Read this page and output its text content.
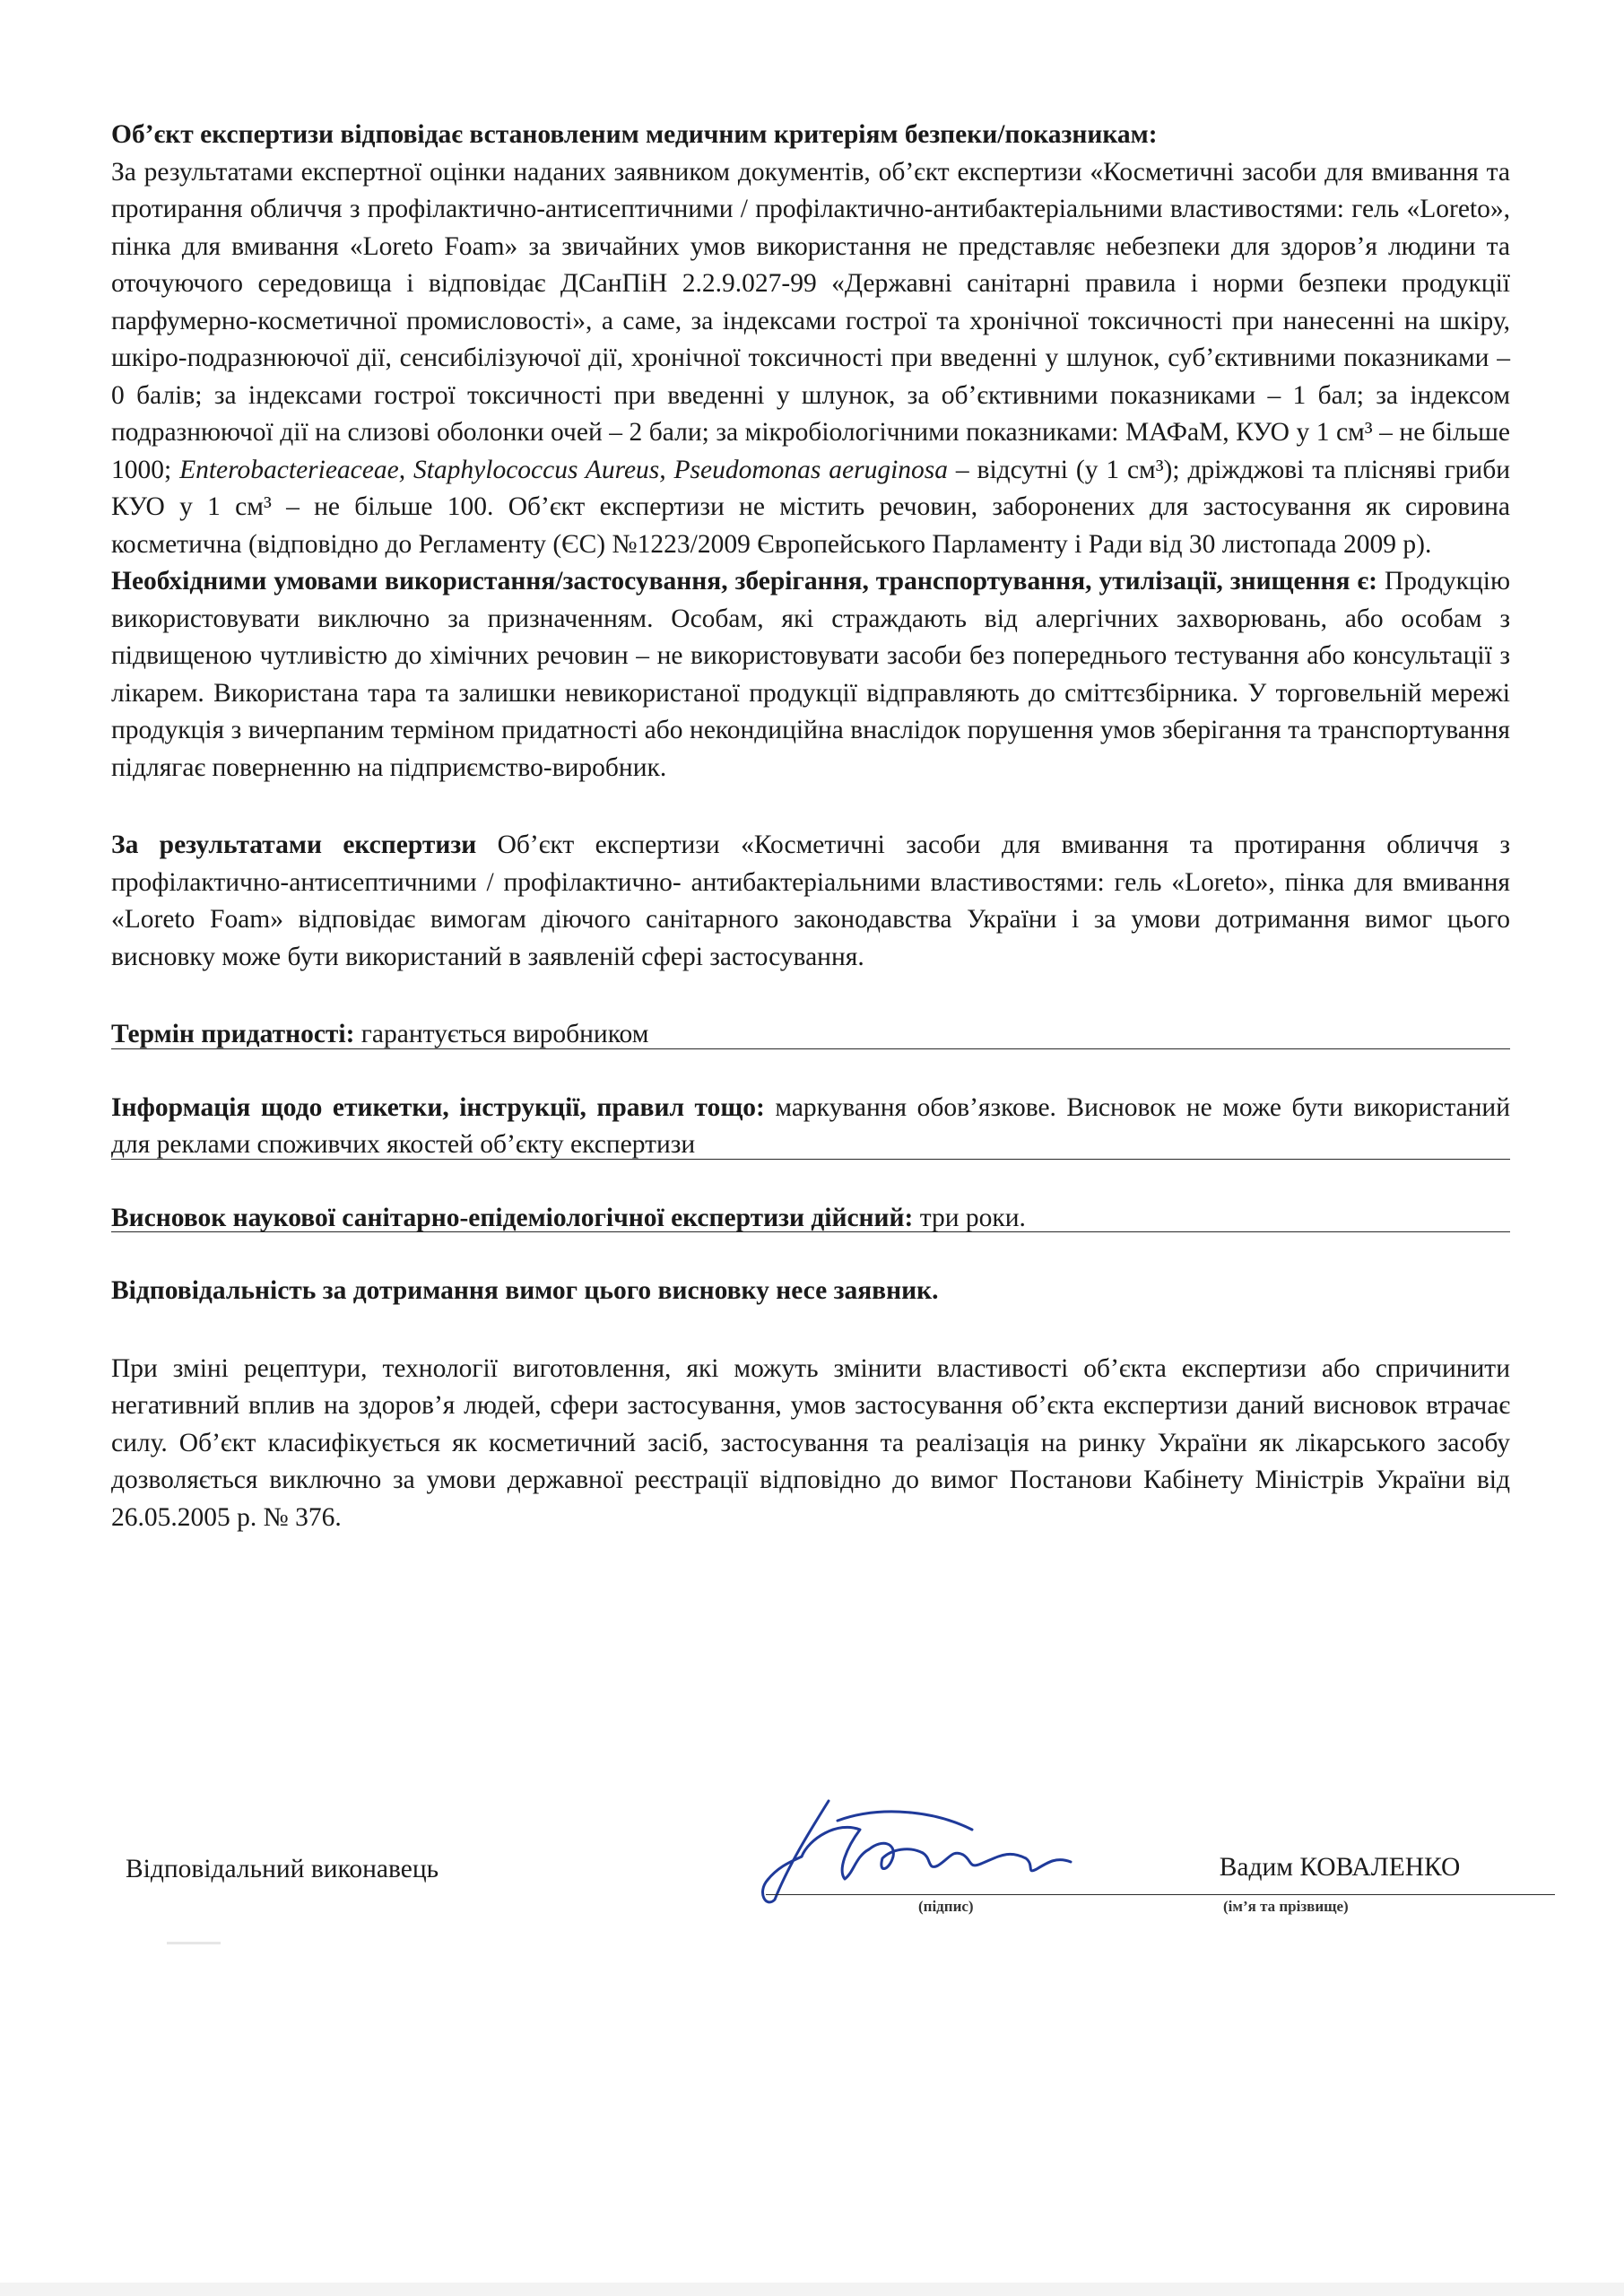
Об’єкт експертизи відповідає встановленим медичним критеріям безпеки/показникам:
За результатами експертної оцінки наданих заявником документів, об’єкт експертизи «Косметичні засоби для вмивання та протирання обличчя з профілактично-антисептичними / профілактично-антибактеріальними властивостями: гель «Loreto», пінка для вмивання «Loreto Foam» за звичайних умов використання не представляє небезпеки для здоров’я людини та оточуючого середовища і відповідає ДСанПіН 2.2.9.027-99 «Державні санітарні правила і норми безпеки продукції парфумерно-косметичної промисловості», а саме, за індексами гострої та хронічної токсичності при нанесенні на шкіру, шкіро-подразнюючої дії, сенсибілізуючої дії, хронічної токсичності при введенні у шлунок, суб’єктивними показниками – 0 балів; за індексами гострої токсичності при введенні у шлунок, за об’єктивними показниками – 1 бал; за індексом подразнюючої дії на слизові оболонки очей – 2 бали; за мікробіологічними показниками: МАФаМ, КУО у 1 см³ – не більше 1000; Enterobacterieaceae, Staphylococcus Aureus, Pseudomonas aeruginosa – відсутні (у 1 см³); дріжджові та плісняві гриби КУО у 1 см³ – не більше 100. Об’єкт експертизи не містить речовин, заборонених для застосування як сировина косметична (відповідно до Регламенту (ЄС) №1223/2009 Європейського Парламенту і Ради від 30 листопада 2009 р).

Необхідними умовами використання/застосування, зберігання, транспортування, утилізації, знищення є: Продукцію використовувати виключно за призначенням. Особам, які страждають від алергічних захворювань, або особам з підвищеною чутливістю до хімічних речовин – не використовувати засоби без попереднього тестування або консультації з лікарем. Використана тара та залишки невикористаної продукції відправляють до сміттєзбірника. У торговельній мережі продукція з вичерпаним терміном придатності або некондиційна внаслідок порушення умов зберігання та транспортування підлягає поверненню на підприємство-виробник.

За результатами експертизи Об’єкт експертизи «Косметичні засоби для вмивання та протирання обличчя з профілактично-антисептичними / профілактично- антибактеріальними властивостями: гель «Loreto», пінка для вмивання «Loreto Foam» відповідає вимогам діючого санітарного законодавства України і за умови дотримання вимог цього висновку може бути використаний в заявленій сфері застосування.

Термін придатності: гарантується виробником

Інформація щодо етикетки, інструкції, правил тощо: маркування обов’язкове. Висновок не може бути використаний для реклами споживчих якостей об’єкту експертизи

Висновок наукової санітарно-епідеміологічної експертизи дійсний: три роки.

Відповідальність за дотримання вимог цього висновку несе заявник.

При зміні рецептури, технології виготовлення, які можуть змінити властивості об’єкта експертизи або спричинити негативний вплив на здоров’я людей, сфери застосування, умов застосування об’єкта експертизи даний висновок втрачає силу. Об’єкт класифікується як косметичний засіб, застосування та реалізація на ринку України як лікарського засобу дозволяється виключно за умови державної реєстрації відповідно до вимог Постанови Кабінету Міністрів України від 26.05.2005 р. № 376.

Відповідальний виконавець	Вадим КОВАЛЕНКО
(підпис)	(ім’я та прізвище)
